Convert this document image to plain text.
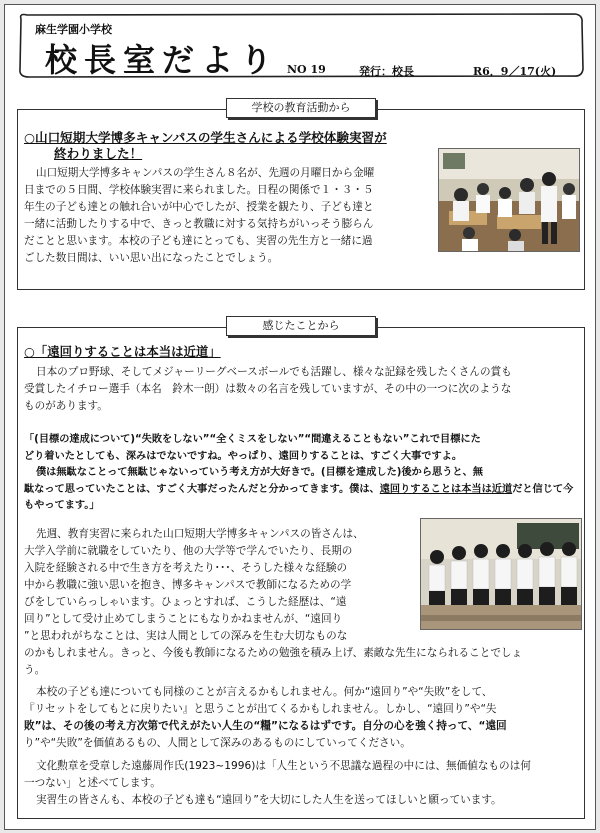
麻生学園小学校
校長室だより NO 19	発行：校長	R6．9／17(火)
学校の教育活動から
○山口短期大学博多キャンパスの学生さんによる学校体験実習が
終わりました！
山口短期大学博多キャンパスの学生さん８名が、先週の月曜日から金曜
日までの５日間、学校体験実習に来られました。日程の関係で１・３・５
年生の子ども達との触れ合いが中心でしたが、授業を観たり、子ども達と
一緒に活動したりする中で、きっと教職に対する気持ちがいっそう膨らん
だことと思います。本校の子ども達にとっても、実習の先生方と一緒に過
ごした数日間は、いい思い出になったことでしょう。
感じたことから
○「遠回りすることは本当は近道」
日本のプロ野球、そしてメジャーリーグベースボールでも活躍し、様々な記録を残したくさんの賞も
受賞したイチロー選手（本名　鈴木一朗）は数々の名言を残していますが、その中の一つに次のような
ものがあります。
「(目標の達成について)“失敗をしない”“全くミスをしない”“間違えることもない”これで目標にた
どり着いたとしても、深みはでないですね。やっぱり、遠回りすることは、すごく大事ですよ。
僕は無駄なことって無駄じゃないっていう考え方が大好きで。(目標を達成した)後から思うと、無
駄なって思っていたことは、すごく大事だったんだと分かってきます。僕は、遠回りすることは本当は近道だと信じて今もやってます。」
先週、教育実習に来られた山口短期大学博多キャンパスの皆さんは、
大学入学前に就職をしていたり、他の大学等で学んでいたり、長期の
入院を経験される中で生き方を考えたり･･･、そうした様々な経験の
中から教職に強い思いを抱き、博多キャンパスで教師になるための学
びをしていらっしゃいます。ひょっとすれば、こうした経歴は、“遠
回り”として受け止めてしまうことにもなりかねませんが、“遠回り
”と思われがちなことは、実は人間としての深みを生む大切なものな
のかもしれません。きっと、今後も教師になるための勉強を積み上げ、素敵な先生になられることでしょ
う。
本校の子ども達についても同様のことが言えるかもしれません。何か“遠回り”や“失敗”をして、
『リセットをしてもとに戻りたい』と思うことが出てくるかもしれません。しかし、“遠回り”や“失
敗”は、その後の考え方次第で代えがたい人生の“糧”になるはずです。自分の心を強く持って、“遠回
り”や“失敗”を価値あるもの、人間として深みのあるものにしていってください。
文化勲章を受章した遠藤周作氏(1923~1996)は「人生という不思議な過程の中には、無価値なものは何
一つない」と述べてします。
実習生の皆さんも、本校の子ども達も“遠回り”を大切にした人生を送ってほしいと願っています。
